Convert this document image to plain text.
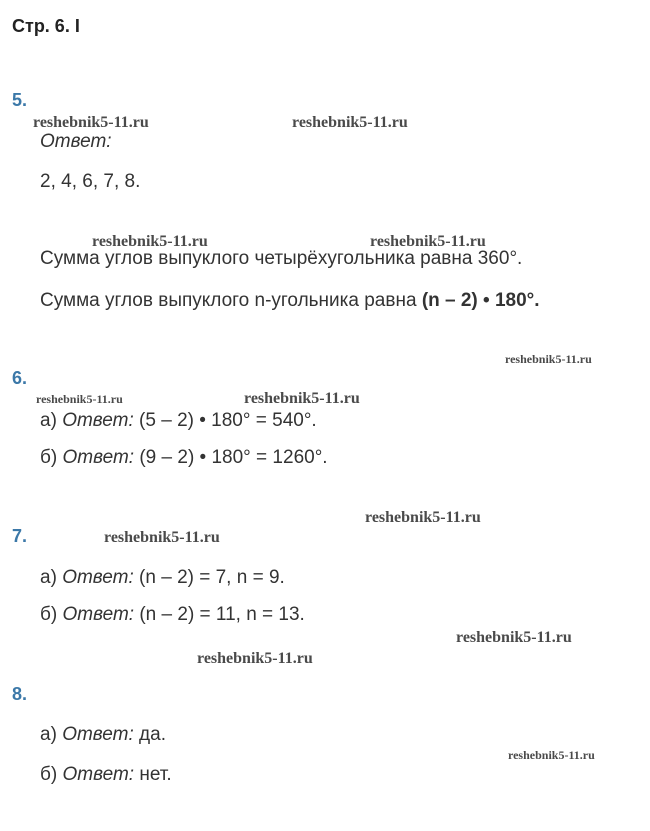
Стр. 6. I
5.
Ответ:
2, 4, 6, 7, 8.
Сумма углов выпуклого четырёхугольника равна 360°.
Сумма углов выпуклого n-угольника равна (n – 2) • 180°.
6.
а) Ответ: (5 – 2) • 180° = 540°.
б) Ответ: (9 – 2) • 180° = 1260°.
7.
а) Ответ: (n – 2) = 7, n = 9.
б) Ответ: (n – 2) = 11, n = 13.
8.
а) Ответ: да.
б) Ответ: нет.
reshebnik5-11.ru	reshebnik5-11.ru
reshebnik5-11.ru	reshebnik5-11.ru
reshebnik5-11.ru
reshebnik5-11.ru	reshebnik5-11.ru
reshebnik5-11.ru
reshebnik5-11.ru
reshebnik5-11.ru
reshebnik5-11.ru
reshebnik5-11.ru
